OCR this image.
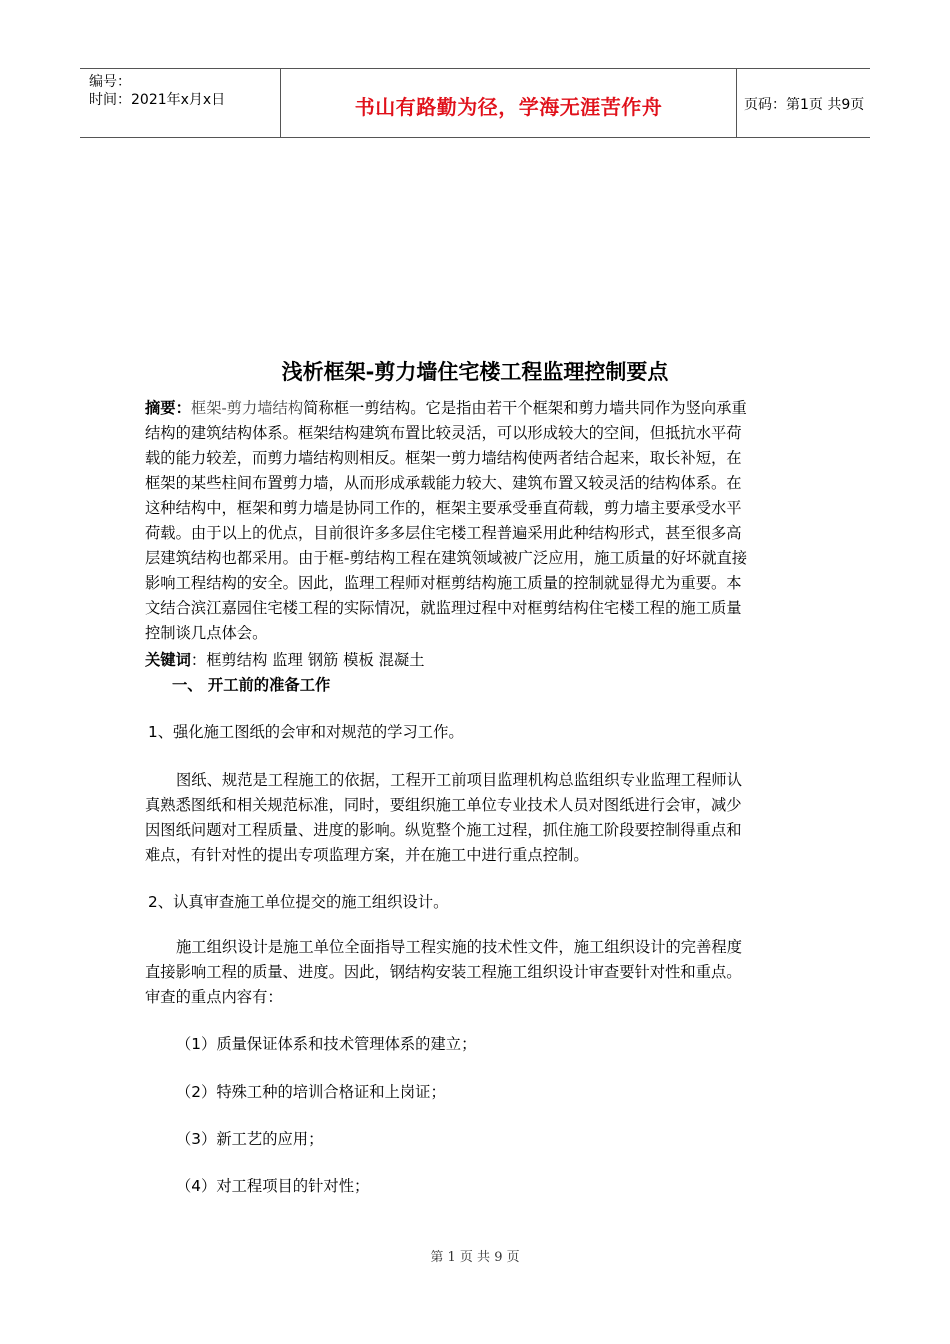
编号：
时间：2021年x月x日	书山有路勤为径，学海无涯苦作舟	页码：第1页 共9页
浅析框架-剪力墙住宅楼工程监理控制要点
摘要：框架-剪力墙结构简称框一剪结构。它是指由若干个框架和剪力墙共同作为竖向承重
结构的建筑结构体系。框架结构建筑布置比较灵活，可以形成较大的空间，但抵抗水平荷
载的能力较差，而剪力墙结构则相反。框架一剪力墙结构使两者结合起来，取长补短，在
框架的某些柱间布置剪力墙，从而形成承载能力较大、建筑布置又较灵活的结构体系。在
这种结构中，框架和剪力墙是协同工作的，框架主要承受垂直荷载，剪力墙主要承受水平
荷载。由于以上的优点，目前很许多多层住宅楼工程普遍采用此种结构形式，甚至很多高
层建筑结构也都采用。由于框-剪结构工程在建筑领域被广泛应用，施工质量的好坏就直接
影响工程结构的安全。因此，监理工程师对框剪结构施工质量的控制就显得尤为重要。本
文结合滨江嘉园住宅楼工程的实际情况，就监理过程中对框剪结构住宅楼工程的施工质量
控制谈几点体会。
关键词：框剪结构 监理 钢筋 模板 混凝土
一、 开工前的准备工作
1、强化施工图纸的会审和对规范的学习工作。
图纸、规范是工程施工的依据，工程开工前项目监理机构总监组织专业监理工程师认
真熟悉图纸和相关规范标准，同时，要组织施工单位专业技术人员对图纸进行会审，减少
因图纸问题对工程质量、进度的影响。纵览整个施工过程，抓住施工阶段要控制得重点和
难点，有针对性的提出专项监理方案，并在施工中进行重点控制。
2、认真审查施工单位提交的施工组织设计。
施工组织设计是施工单位全面指导工程实施的技术性文件，施工组织设计的完善程度
直接影响工程的质量、进度。因此，钢结构安装工程施工组织设计审查要针对性和重点。
审查的重点内容有：
（1）质量保证体系和技术管理体系的建立；
（2）特殊工种的培训合格证和上岗证；
（3）新工艺的应用；
（4）对工程项目的针对性；
第 1 页 共 9 页
